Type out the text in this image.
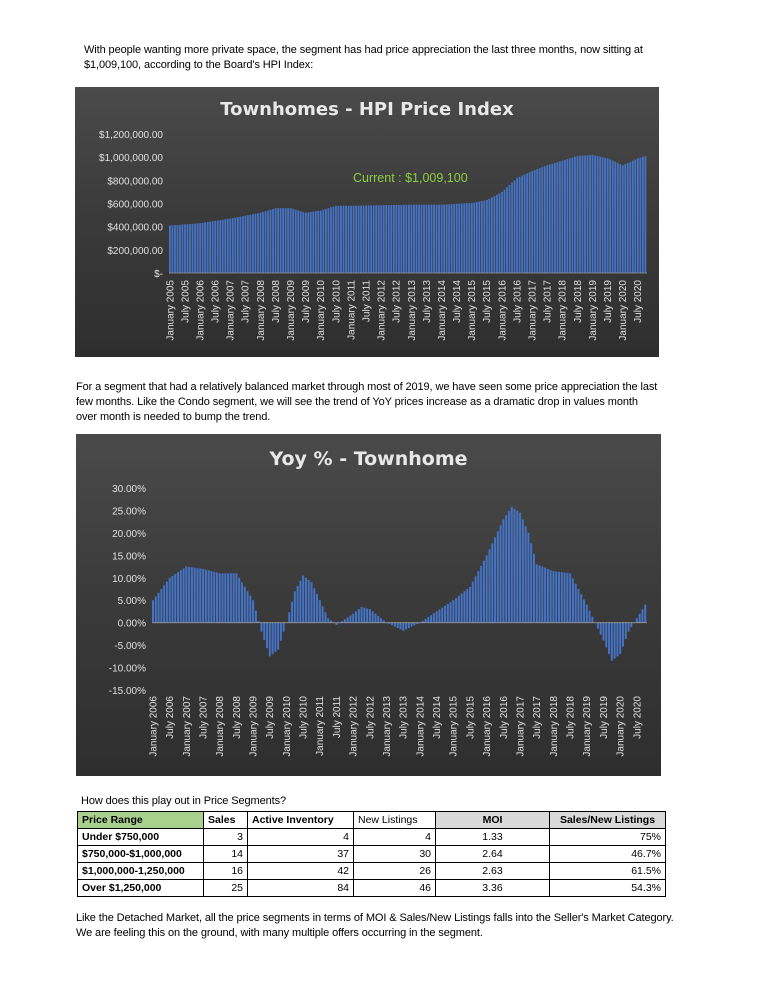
With people wanting more private space, the segment has had price appreciation the last three months, now sitting at $1,009,100, according to the Board's HPI Index:
Townhomes - HPI Price Index
$1,200,000.00
$1,000,000.00
$800,000.00
$600,000.00
$400,000.00
$200,000.00
$-
January 2005 July 2005 January 2006 July 2006 January 2007 July 2007 January 2008 July 2008 January 2009 July 2009 January 2010 July 2010 January 2011 July 2011 January 2012 July 2012 January 2013 July 2013 January 2014 July 2014 January 2015 July 2015 January 2016 July 2016 January 2017 July 2017 January 2018 July 2018 January 2019 July 2019 January 2020 July 2020
Current : $1,009,100
For a segment that had a relatively balanced market through most of 2019, we have seen some price appreciation the last few months. Like the Condo segment, we will see the trend of YoY prices increase as a dramatic drop in values month over month is needed to bump the trend.
Yoy % - Townhome
30.00%
25.00%
20.00%
15.00%
10.00%
5.00%
0.00%
-5.00%
-10.00%
-15.00%
January 2006 July 2006 January 2007 July 2007 January 2008 July 2008 January 2009 July 2009 January 2010 July 2010 January 2011 July 2011 January 2012 July 2012 January 2013 July 2013 January 2014 July 2014 January 2015 July 2015 January 2016 July 2016 January 2017 July 2017 January 2018 July 2018 January 2019 July 2019 January 2020 July 2020
How does this play out in Price Segments?
Price Range	Sales	Active Inventory	New Listings	MOI	Sales/New Listings
Under $750,000	3	4	4	1.33	75%
$750,000-$1,000,000	14	37	30	2.64	46.7%
$1,000,000-1,250,000	16	42	26	2.63	61.5%
Over $1,250,000	25	84	46	3.36	54.3%
Like the Detached Market, all the price segments in terms of MOI & Sales/New Listings falls into the Seller's Market Category. We are feeling this on the ground, with many multiple offers occurring in the segment.
